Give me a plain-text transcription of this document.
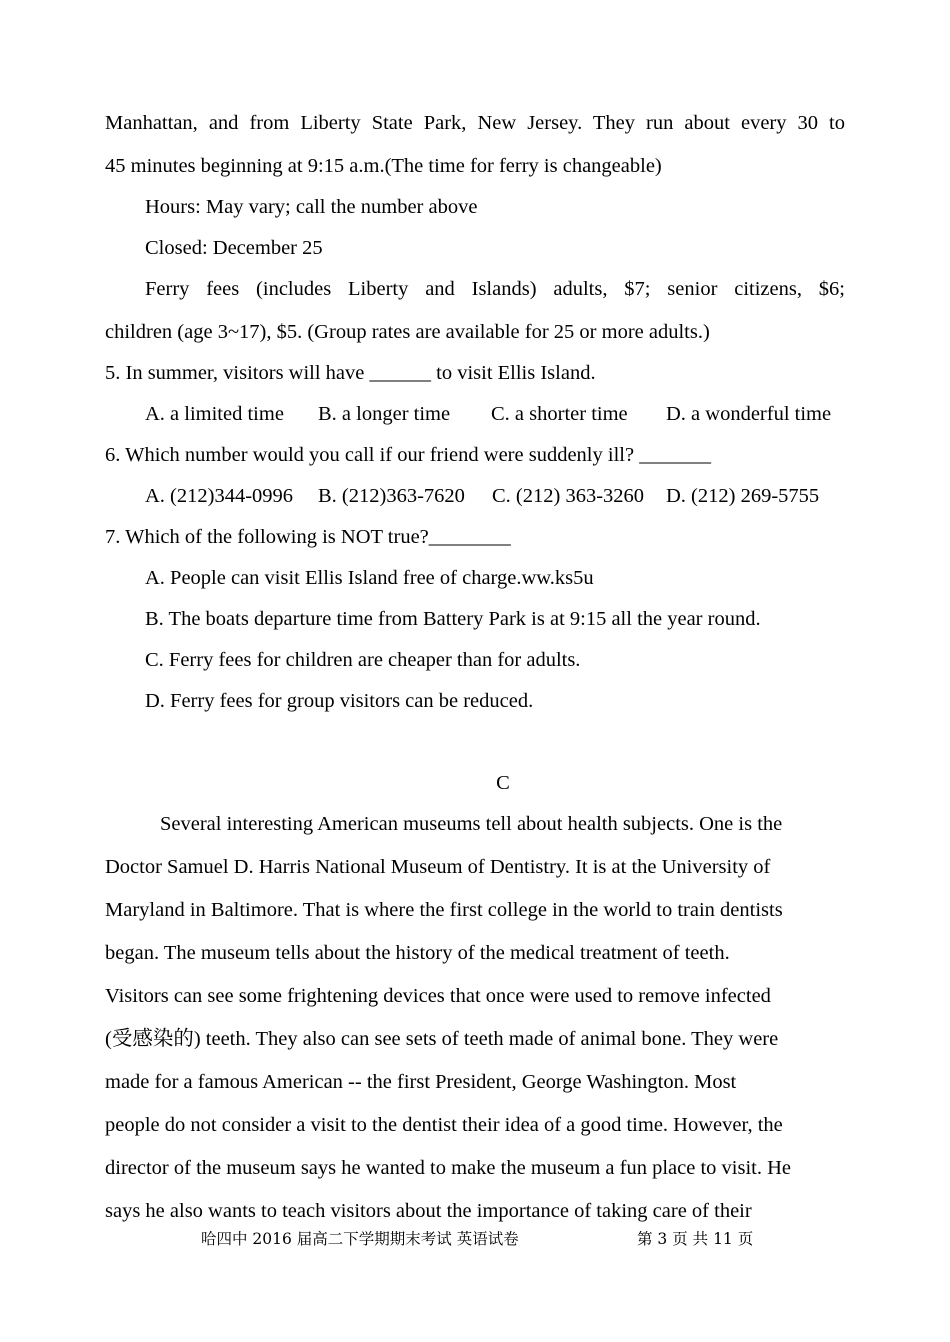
Manhattan, and from Liberty State Park, New Jersey. They run about every 30 to
45 minutes beginning at 9:15 a.m.(The time for ferry is changeable)
Hours: May vary; call the number above
Closed: December 25
Ferry fees (includes Liberty and Islands) adults, $7; senior citizens, $6;
children (age 3~17), $5. (Group rates are available for 25 or more adults.)
5. In summer, visitors will have ______ to visit Ellis Island.
A. a limited time B. a longer time C. a shorter time D. a wonderful time
6. Which number would you call if our friend were suddenly ill? _______
A. (212)344-0996 B. (212)363-7620 C. (212) 363-3260 D. (212) 269-5755
7. Which of the following is NOT true?________
A. People can visit Ellis Island free of charge.ww.ks5u
B. The boats departure time from Battery Park is at 9:15 all the year round.
C. Ferry fees for children are cheaper than for adults.
D. Ferry fees for group visitors can be reduced.
C
Several interesting American museums tell about health subjects. One is the
Doctor Samuel D. Harris National Museum of Dentistry. It is at the University of
Maryland in Baltimore. That is where the first college in the world to train dentists
began. The museum tells about the history of the medical treatment of teeth.
Visitors can see some frightening devices that once were used to remove infected
(受感染的) teeth. They also can see sets of teeth made of animal bone. They were
made for a famous American -- the first President, George Washington. Most
people do not consider a visit to the dentist their idea of a good time. However, the
director of the museum says he wanted to make the museum a fun place to visit. He
says he also wants to teach visitors about the importance of taking care of their
哈四中 2016 届高二下学期期末考试 英语试卷	第 3 页 共 11 页
